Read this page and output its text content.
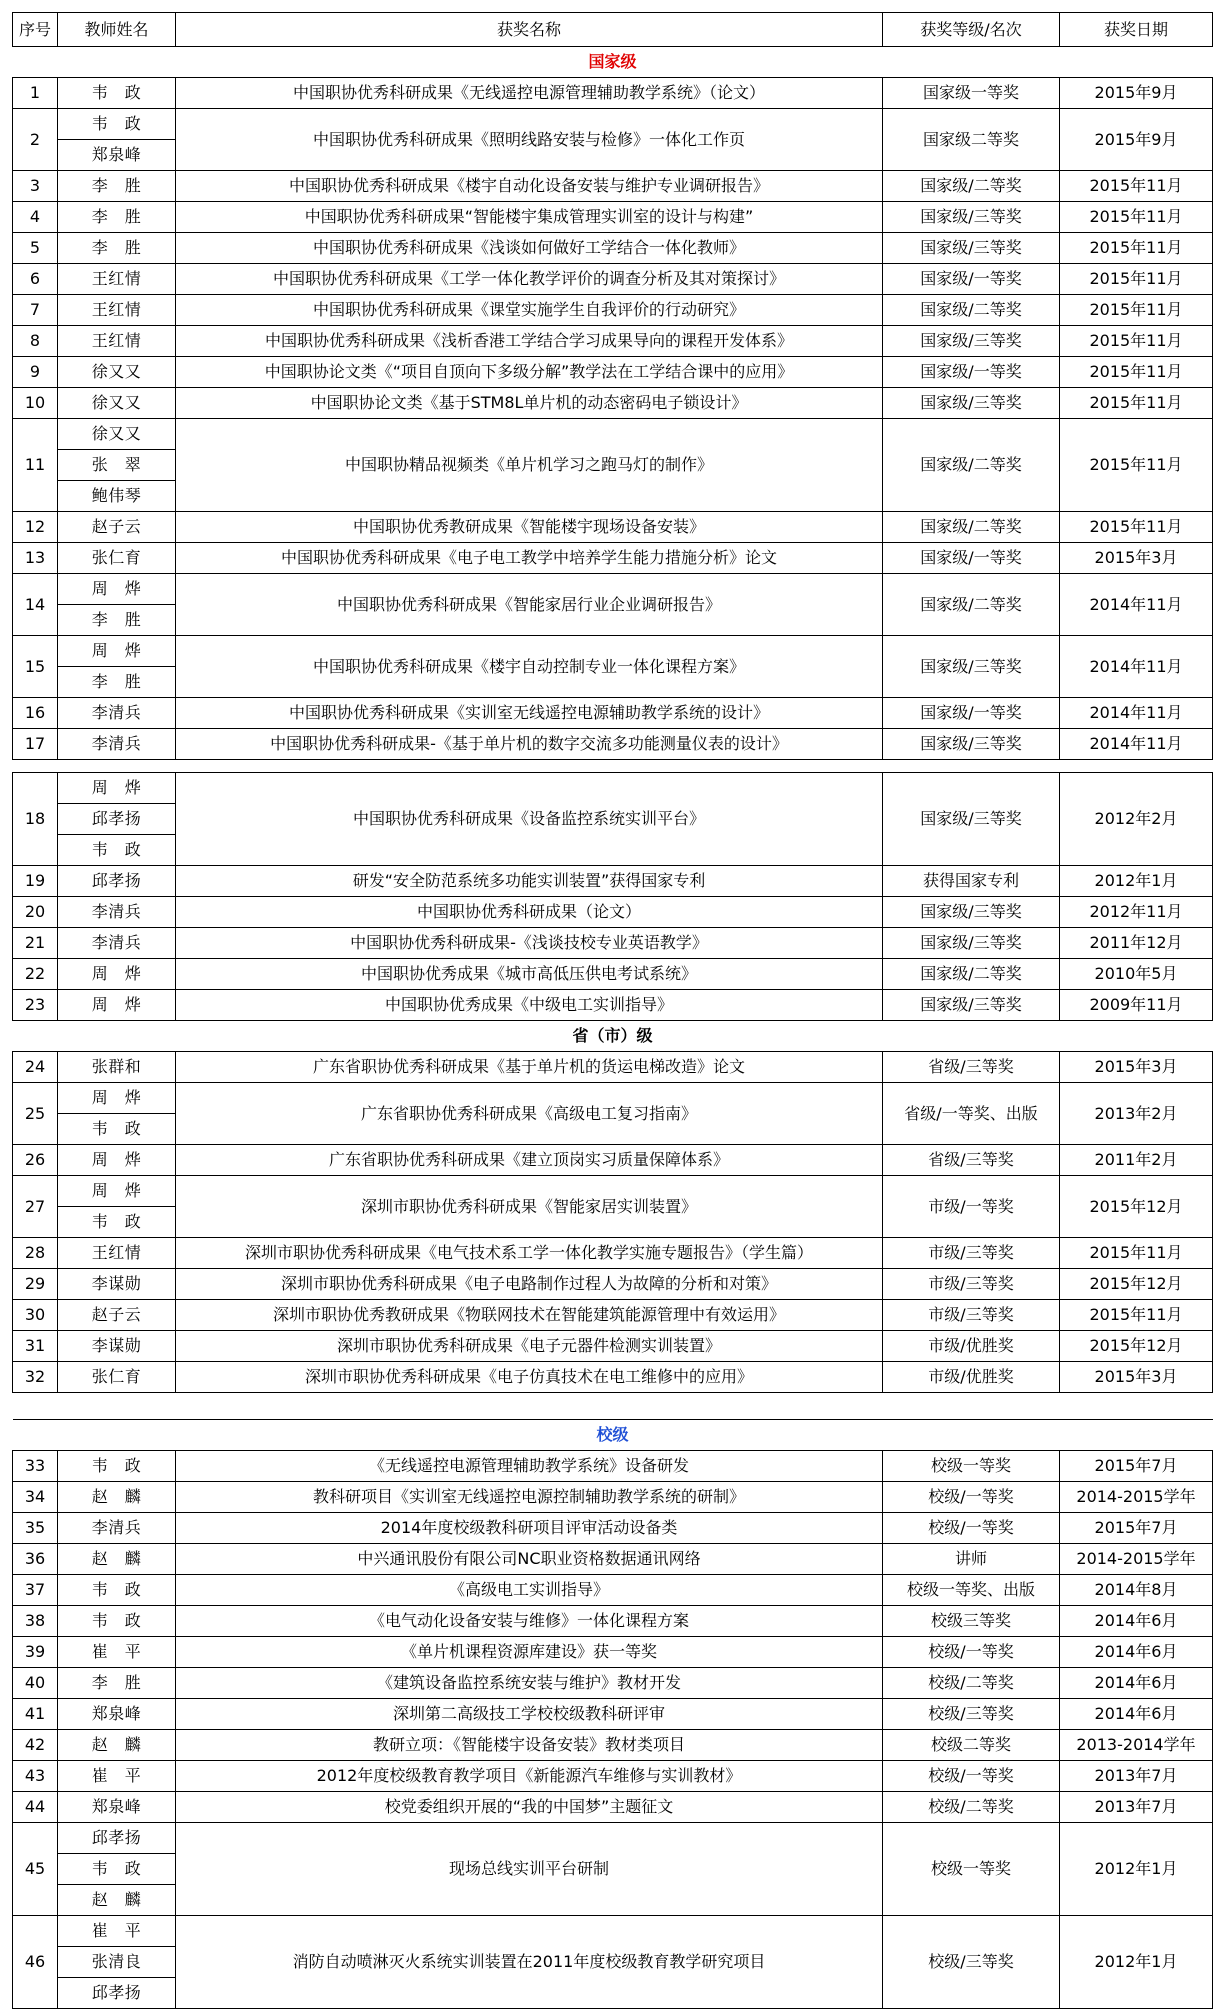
序号	教师姓名	获奖名称	获奖等级/名次	获奖日期
国家级				
1	韦　政	中国职协优秀科研成果《无线遥控电源管理辅助教学系统》（论文）	国家级一等奖	2015年9月
2	韦　政	中国职协优秀科研成果《照明线路安装与检修》一体化工作页	国家级二等奖	2015年9月
	郑泉峰			
3	李　胜	中国职协优秀科研成果《楼宇自动化设备安装与维护专业调研报告》	国家级/二等奖	2015年11月
4	李　胜	中国职协优秀科研成果“智能楼宇集成管理实训室的设计与构建”	国家级/三等奖	2015年11月
5	李　胜	中国职协优秀科研成果《浅谈如何做好工学结合一体化教师》	国家级/三等奖	2015年11月
6	王红情	中国职协优秀科研成果《工学一体化教学评价的调查分析及其对策探讨》	国家级/一等奖	2015年11月
7	王红情	中国职协优秀科研成果《课堂实施学生自我评价的行动研究》	国家级/二等奖	2015年11月
8	王红情	中国职协优秀科研成果《浅析香港工学结合学习成果导向的课程开发体系》	国家级/三等奖	2015年11月
9	徐又又	中国职协论文类《“项目自顶向下多级分解”教学法在工学结合课中的应用》	国家级/一等奖	2015年11月
10	徐又又	中国职协论文类《基于STM8L单片机的动态密码电子锁设计》	国家级/三等奖	2015年11月
11	徐又又	中国职协精品视频类《单片机学习之跑马灯的制作》	国家级/二等奖	2015年11月
	张　翠			
	鲍伟琴			
12	赵子云	中国职协优秀教研成果《智能楼宇现场设备安装》	国家级/二等奖	2015年11月
13	张仁育	中国职协优秀科研成果《电子电工教学中培养学生能力措施分析》论文	国家级/一等奖	2015年3月
14	周　烨	中国职协优秀科研成果《智能家居行业企业调研报告》	国家级/二等奖	2014年11月
	李　胜			
15	周　烨	中国职协优秀科研成果《楼宇自动控制专业一体化课程方案》	国家级/三等奖	2014年11月
	李　胜			
16	李清兵	中国职协优秀科研成果《实训室无线遥控电源辅助教学系统的设计》	国家级/一等奖	2014年11月
17	李清兵	中国职协优秀科研成果-《基于单片机的数字交流多功能测量仪表的设计》	国家级/三等奖	2014年11月

18	周　烨	中国职协优秀科研成果《设备监控系统实训平台》	国家级/三等奖	2012年2月
	邱孝扬			
	韦　政			
19	邱孝扬	研发“安全防范系统多功能实训装置”获得国家专利	获得国家专利	2012年1月
20	李清兵	中国职协优秀科研成果（论文）	国家级/三等奖	2012年11月
21	李清兵	中国职协优秀科研成果-《浅谈技校专业英语教学》	国家级/三等奖	2011年12月
22	周　烨	中国职协优秀成果《城市高低压供电考试系统》	国家级/二等奖	2010年5月
23	周　烨	中国职协优秀成果《中级电工实训指导》	国家级/三等奖	2009年11月
省（市）级				
24	张群和	广东省职协优秀科研成果《基于单片机的货运电梯改造》论文	省级/三等奖	2015年3月
25	周　烨	广东省职协优秀科研成果《高级电工复习指南》	省级/一等奖、出版	2013年2月
	韦　政			
26	周　烨	广东省职协优秀科研成果《建立顶岗实习质量保障体系》	省级/三等奖	2011年2月
27	周　烨	深圳市职协优秀科研成果《智能家居实训装置》	市级/一等奖	2015年12月
	韦　政			
28	王红情	深圳市职协优秀科研成果《电气技术系工学一体化教学实施专题报告》（学生篇）	市级/三等奖	2015年11月
29	李谋勋	深圳市职协优秀科研成果《电子电路制作过程人为故障的分析和对策》	市级/三等奖	2015年12月
30	赵子云	深圳市职协优秀教研成果《物联网技术在智能建筑能源管理中有效运用》	市级/三等奖	2015年11月
31	李谋勋	深圳市职协优秀科研成果《电子元器件检测实训装置》	市级/优胜奖	2015年12月
32	张仁育	深圳市职协优秀科研成果《电子仿真技术在电工维修中的应用》	市级/优胜奖	2015年3月

校级				
33	韦　政	《无线遥控电源管理辅助教学系统》设备研发	校级一等奖	2015年7月
34	赵　麟	教科研项目《实训室无线遥控电源控制辅助教学系统的研制》	校级/一等奖	2014-2015学年
35	李清兵	2014年度校级教科研项目评审活动设备类	校级/一等奖	2015年7月
36	赵　麟	中兴通讯股份有限公司NC职业资格数据通讯网络	讲师	2014-2015学年
37	韦　政	《高级电工实训指导》	校级一等奖、出版	2014年8月
38	韦　政	《电气动化设备安装与维修》一体化课程方案	校级三等奖	2014年6月
39	崔　平	《单片机课程资源库建设》获一等奖	校级/一等奖	2014年6月
40	李　胜	《建筑设备监控系统安装与维护》教材开发	校级/二等奖	2014年6月
41	郑泉峰	深圳第二高级技工学校校级教科研评审	校级/三等奖	2014年6月
42	赵　麟	教研立项：《智能楼宇设备安装》教材类项目	校级二等奖	2013-2014学年
43	崔　平	2012年度校级教育教学项目《新能源汽车维修与实训教材》	校级/一等奖	2013年7月
44	郑泉峰	校党委组织开展的“我的中国梦”主题征文	校级/二等奖	2013年7月
45	邱孝扬	现场总线实训平台研制	校级一等奖	2012年1月
	韦　政			
	赵　麟			
46	崔　平	消防自动喷淋灭火系统实训装置在2011年度校级教育教学研究项目	校级/三等奖	2012年1月
	张清良			
	邱孝扬			
